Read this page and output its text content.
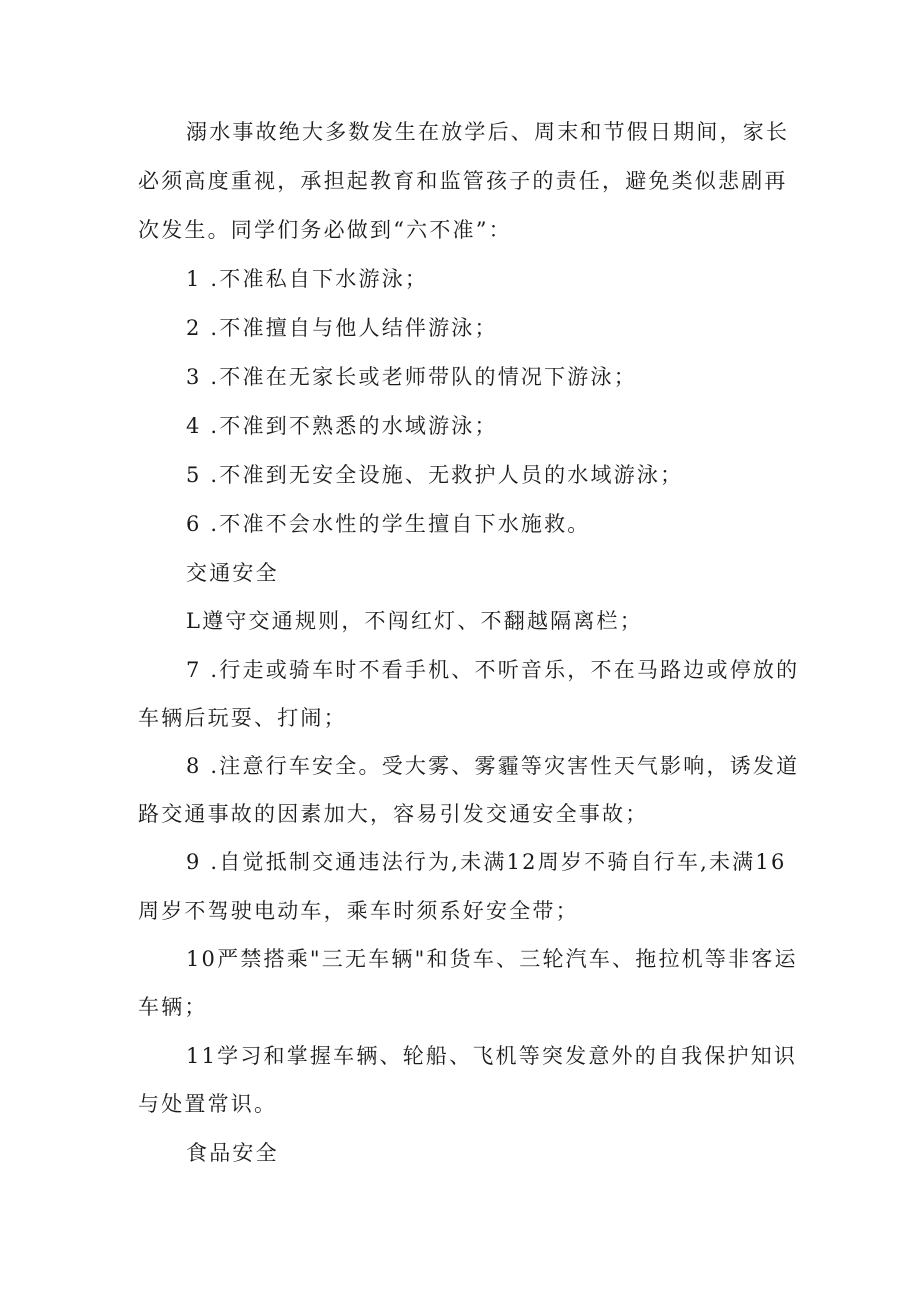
溺水事故绝大多数发生在放学后、周末和节假日期间，家长
必须高度重视，承担起教育和监管孩子的责任，避免类似悲剧再
次发生。同学们务必做到“六不准”：
1 .不准私自下水游泳；
2 .不准擅自与他人结伴游泳；
3 .不准在无家长或老师带队的情况下游泳；
4 .不准到不熟悉的水域游泳；
5 .不准到无安全设施、无救护人员的水域游泳；
6 .不准不会水性的学生擅自下水施救。
交通安全
L遵守交通规则，不闯红灯、不翻越隔离栏；
7 .行走或骑车时不看手机、不听音乐，不在马路边或停放的
车辆后玩耍、打闹；
8 .注意行车安全。受大雾、雾霾等灾害性天气影响，诱发道
路交通事故的因素加大，容易引发交通安全事故；
9 .自觉抵制交通违法行为,未满12周岁不骑自行车,未满16
周岁不驾驶电动车，乘车时须系好安全带；
10严禁搭乘"三无车辆"和货车、三轮汽车、拖拉机等非客运
车辆；
11学习和掌握车辆、轮船、飞机等突发意外的自我保护知识
与处置常识。
食品安全
